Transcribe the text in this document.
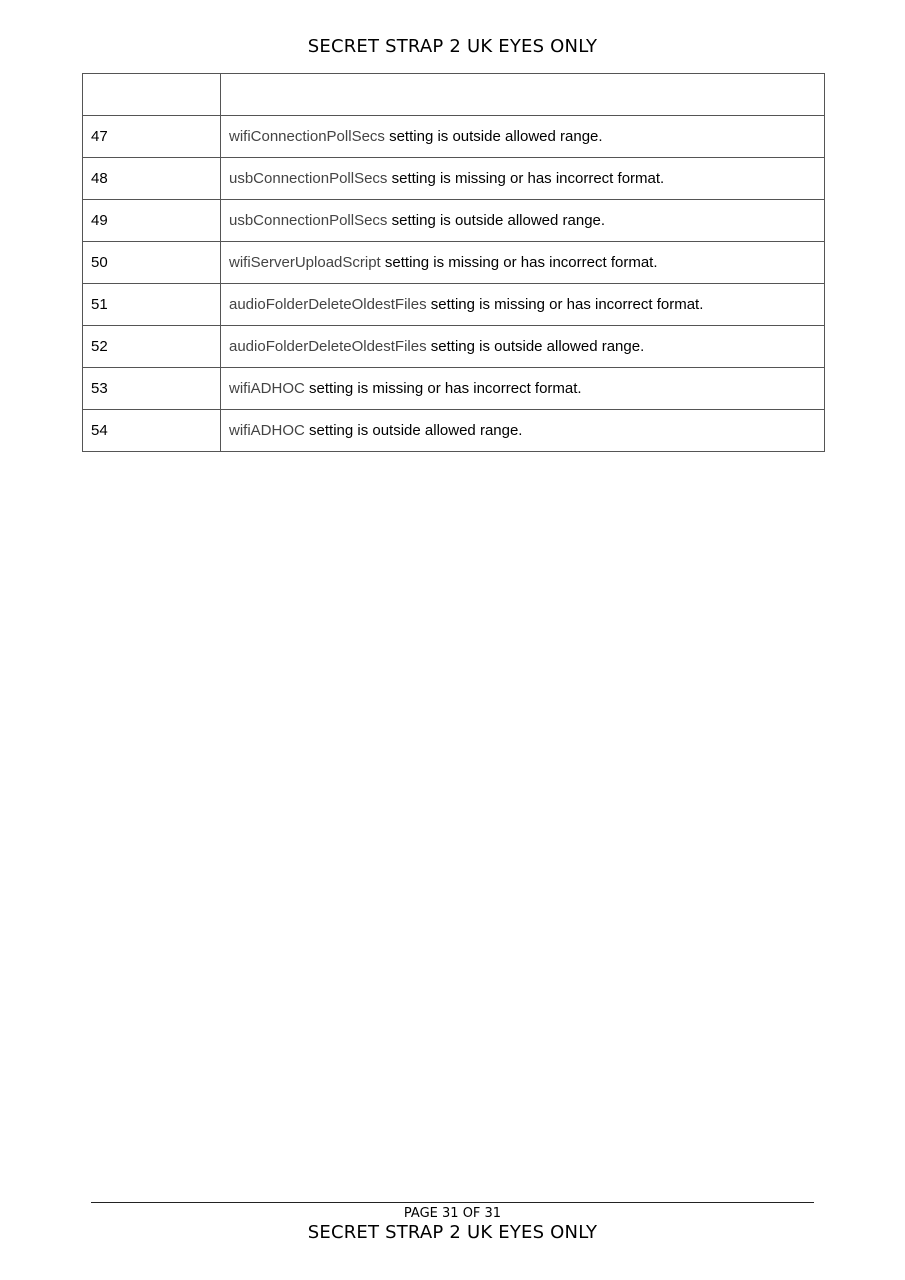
SECRET STRAP 2 UK EYES ONLY

47	wifiConnectionPollSecs setting is outside allowed range.
48	usbConnectionPollSecs setting is missing or has incorrect format.
49	usbConnectionPollSecs setting is outside allowed range.
50	wifiServerUploadScript setting is missing or has incorrect format.
51	audioFolderDeleteOldestFiles setting is missing or has incorrect format.
52	audioFolderDeleteOldestFiles setting is outside allowed range.
53	wifiADHOC setting is missing or has incorrect format.
54	wifiADHOC setting is outside allowed range.
PAGE 31 OF 31
SECRET STRAP 2 UK EYES ONLY
